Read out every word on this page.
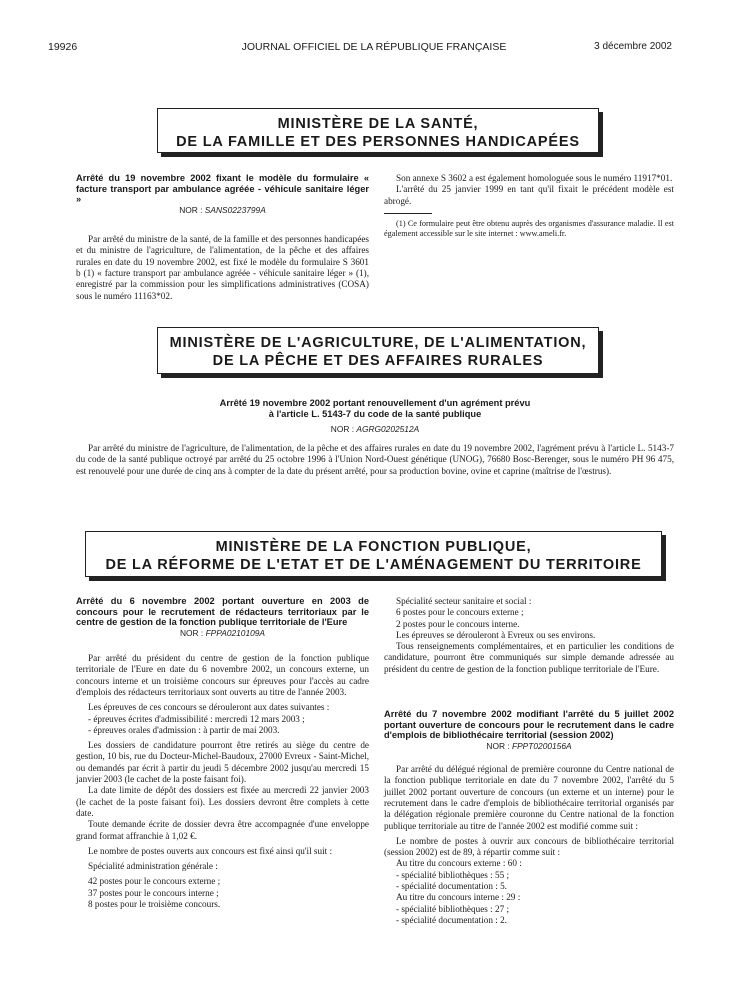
19926	JOURNAL OFFICIEL DE LA RÉPUBLIQUE FRANÇAISE	3 décembre 2002
MINISTÈRE DE LA SANTÉ,
DE LA FAMILLE ET DES PERSONNES HANDICAPÉES

Arrêté du 19 novembre 2002 fixant le modèle du formulaire « facture transport par ambulance agréée - véhicule sanitaire léger »

NOR : SANS0223799A

Par arrêté du ministre de la santé, de la famille et des personnes handicapées et du ministre de l'agriculture, de l'alimentation, de la pêche et des affaires rurales en date du 19 novembre 2002, est fixé le modèle du formulaire S 3601 b (1) « facture transport par ambulance agréée - véhicule sanitaire léger » (1), enregistré par la commission pour les simplifications administratives (COSA) sous le numéro 11163*02.

Son annexe S 3602 a est également homologuée sous le numéro 11917*01.

L'arrêté du 25 janvier 1999 en tant qu'il fixait le précédent modèle est abrogé.

(1) Ce formulaire peut être obtenu auprès des organismes d'assurance maladie. Il est également accessible sur le site internet : www.ameli.fr.

MINISTÈRE DE L'AGRICULTURE, DE L'ALIMENTATION,
DE LA PÊCHE ET DES AFFAIRES RURALES
Arrêté 19 novembre 2002 portant renouvellement d'un agrément prévu
à l'article L. 5143-7 du code de la santé publique
NOR : AGRG0202512A

Par arrêté du ministre de l'agriculture, de l'alimentation, de la pêche et des affaires rurales en date du 19 novembre 2002, l'agrément prévu à l'article L. 5143-7 du code de la santé publique octroyé par arrêté du 25 octobre 1996 à l'Union Nord-Ouest génétique (UNOG), 76680 Bosc-Berenger, sous le numéro PH 96 475, est renouvelé pour une durée de cinq ans à compter de la date du présent arrêté, pour sa production bovine, ovine et caprine (maîtrise de l'œstrus).

MINISTÈRE DE LA FONCTION PUBLIQUE,
DE LA RÉFORME DE L'ETAT ET DE L'AMÉNAGEMENT DU TERRITOIRE

Arrêté du 6 novembre 2002 portant ouverture en 2003 de concours pour le recrutement de rédacteurs territoriaux par le centre de gestion de la fonction publique territoriale de l'Eure

NOR : FPPA0210109A

Par arrêté du président du centre de gestion de la fonction publique territoriale de l'Eure en date du 6 novembre 2002, un concours externe, un concours interne et un troisième concours sur épreuves pour l'accès au cadre d'emplois des rédacteurs territoriaux sont ouverts au titre de l'année 2003.

Les épreuves de ces concours se dérouleront aux dates suivantes :

- épreuves écrites d'admissibilité : mercredi 12 mars 2003 ;

- épreuves orales d'admission : à partir de mai 2003.

Les dossiers de candidature pourront être retirés au siège du centre de gestion, 10 bis, rue du Docteur-Michel-Baudoux, 27000 Evreux - Saint-Michel, ou demandés par écrit à partir du jeudi 5 décembre 2002 jusqu'au mercredi 15 janvier 2003 (le cachet de la poste faisant foi).

La date limite de dépôt des dossiers est fixée au mercredi 22 janvier 2003 (le cachet de la poste faisant foi). Les dossiers devront être complets à cette date.

Toute demande écrite de dossier devra être accompagnée d'une enveloppe grand format affranchie à 1,02 €.

Le nombre de postes ouverts aux concours est fixé ainsi qu'il suit :

Spécialité administration générale :

42 postes pour le concours externe ;

37 postes pour le concours interne ;

8 postes pour le troisième concours.

Spécialité secteur sanitaire et social :

6 postes pour le concours externe ;

2 postes pour le concours interne.

Les épreuves se dérouleront à Evreux ou ses environs.

Tous renseignements complémentaires, et en particulier les conditions de candidature, pourront être communiqués sur simple demande adressée au président du centre de gestion de la fonction publique territoriale de l'Eure.

Arrêté du 7 novembre 2002 modifiant l'arrêté du 5 juillet 2002 portant ouverture de concours pour le recrutement dans le cadre d'emplois de bibliothécaire territorial (session 2002)

NOR : FPPT0200156A

Par arrêté du délégué régional de première couronne du Centre national de la fonction publique territoriale en date du 7 novembre 2002, l'arrêté du 5 juillet 2002 portant ouverture de concours (un externe et un interne) pour le recrutement dans le cadre d'emplois de bibliothécaire territorial organisés par la délégation régionale première couronne du Centre national de la fonction publique territoriale au titre de l'année 2002 est modifié comme suit :

Le nombre de postes à ouvrir aux concours de bibliothécaire territorial (session 2002) est de 89, à répartir comme suit :

Au titre du concours externe : 60 :

- spécialité bibliothèques : 55 ;

- spécialité documentation : 5.

Au titre du concours interne : 29 :

- spécialité bibliothèques : 27 ;

- spécialité documentation : 2.
